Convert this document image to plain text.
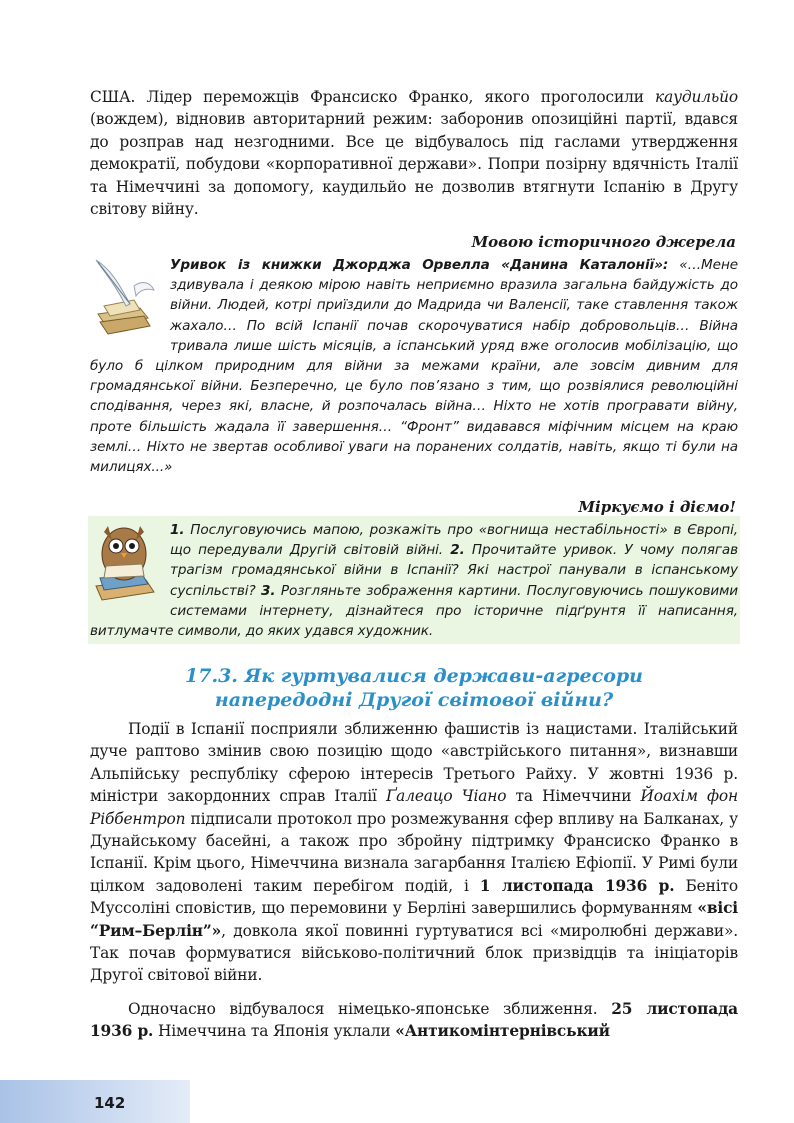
США. Лідер переможців Франсиско Франко, якого проголосили каудильйо (вождем), відновив авторитарний режим: заборонив опозиційні партії, вдався до розправ над незгодними. Все це відбувалось під гаслами утвердження демократії, побудови «корпоративної держави». Попри позірну вдячність Італії та Німеччині за допомогу, каудильйо не дозволив втягнути Іспанію в Другу світову війну.

Мовою історичного джерела
Уривок із книжки Джорджа Орвелла «Данина Каталонії»: «…Мене здивувала і деякою мірою навіть неприємно вразила загальна байдужість до війни. Людей, котрі приїздили до Мадрида чи Валенсії, таке ставлення також жахало… По всій Іспанії почав скорочуватися набір добровольців… Війна тривала лише шість місяців, а іспанський уряд вже оголосив мобілізацію, що було б цілком природним для війни за межами країни, але зовсім дивним для громадянської війни. Безперечно, це було пов’язано з тим, що розвіялися революційні сподівання, через які, власне, й розпочалась війна… Ніхто не хотів програвати війну, проте більшість жадала її завершення… “Фронт” видавався міфічним місцем на краю землі… Ніхто не звертав особливої уваги на поранених солдатів, навіть, якщо ті були на милицях...»
Міркуємо і діємо!
1. Послуговуючись мапою, розкажіть про «вогнища нестабільності» в Європі, що передували Другій світовій війні. 2. Прочитайте уривок. У чому полягав трагізм громадянської війни в Іспанії? Які настрої панували в іспанському суспільстві? 3. Розгляньте зображення картини. Послуговуючись пошуковими системами інтернету, дізнайтеся про історичне підґрунтя її написання, витлумачте символи, до яких удався художник.
17.3. Як гуртувалися держави-агресори
напередодні Другої світової війни?

Події в Іспанії посприяли зближенню фашистів із нацистами. Італійський дуче раптово змінив свою позицію щодо «австрійського питання», визнавши Альпійську республіку сферою інтересів Третього Райху. У жовтні 1936 р. міністри закордонних справ Італії Ґалеацо Чіано та Німеччини Йоахім фон Ріббентроп підписали протокол про розмежування сфер впливу на Балканах, у Дунайському басейні, а також про збройну підтримку Франсиско Франко в Іспанії. Крім цього, Німеччина визнала загарбання Італією Ефіопії. У Римі були цілком задоволені таким перебігом подій, і 1 листопада 1936 р. Беніто Муссоліні сповістив, що перемовини у Берліні завершились формуванням «вісі “Рим–Берлін”», довкола якої повинні гуртуватися всі «миролюбні держави». Так почав формуватися військово-політичний блок призвідців та ініціаторів Другої світової війни.

Одночасно відбувалося німецько-японське зближення. 25 листопада 1936 р. Німеччина та Японія уклали «Антикомінтернівський

142
